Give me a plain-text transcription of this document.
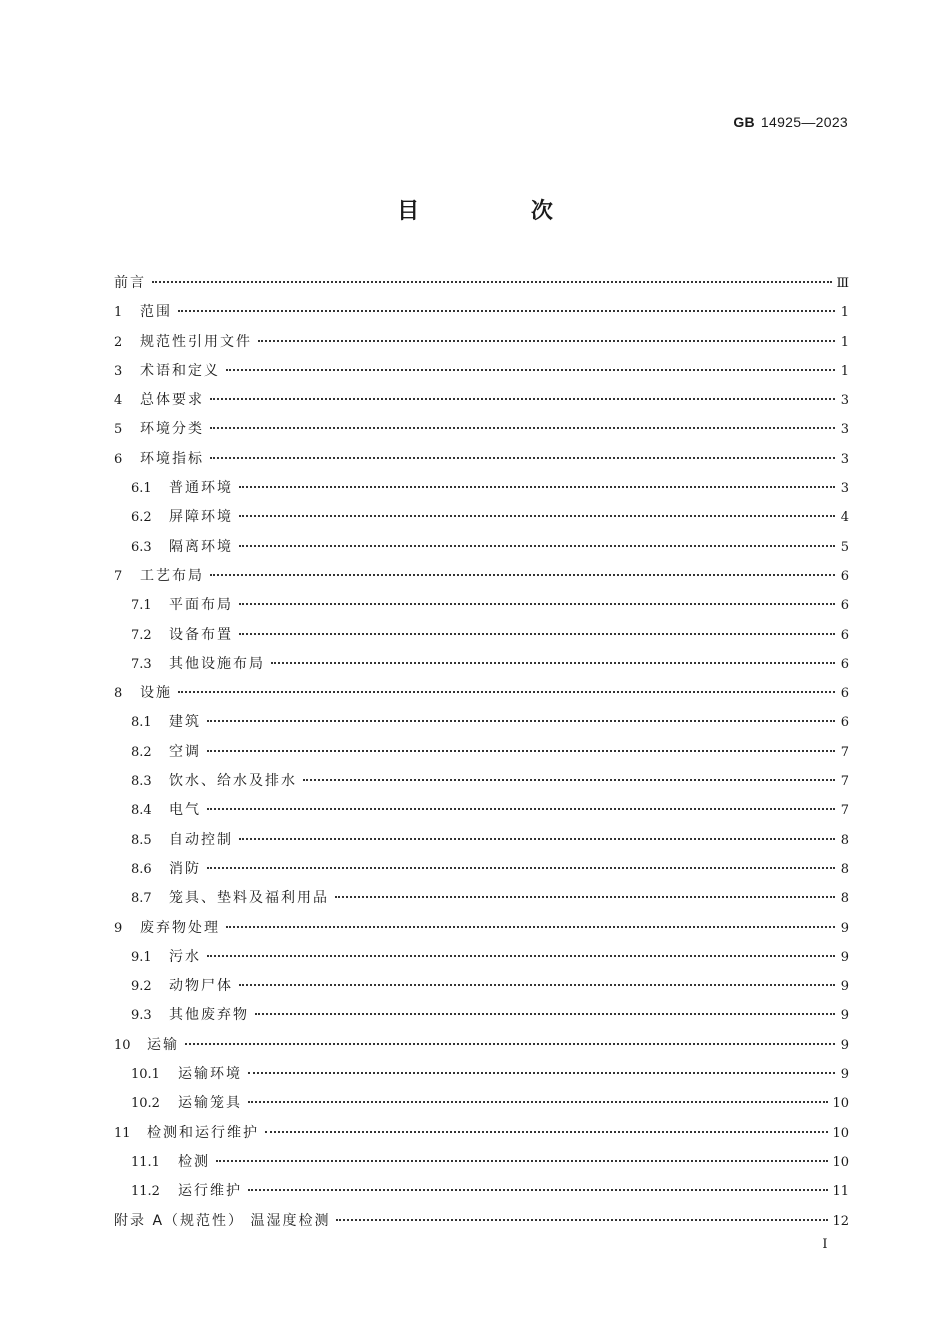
GB 14925—2023
目 次
前言	Ⅲ
1	范围	1
2	规范性引用文件	1
3	术语和定义	1
4	总体要求	3
5	环境分类	3
6	环境指标	3
6.1	普通环境	3
6.2	屏障环境	4
6.3	隔离环境	5
7	工艺布局	6
7.1	平面布局	6
7.2	设备布置	6
7.3	其他设施布局	6
8	设施	6
8.1	建筑	6
8.2	空调	7
8.3	饮水、给水及排水	7
8.4	电气	7
8.5	自动控制	8
8.6	消防	8
8.7	笼具、垫料及福利用品	8
9	废弃物处理	9
9.1	污水	9
9.2	动物尸体	9
9.3	其他废弃物	9
10	运输	9
10.1	运输环境	9
10.2	运输笼具	10
11	检测和运行维护	10
11.1	检测	10
11.2	运行维护	11
附录 A（规范性） 温湿度检测	12
Ⅰ
